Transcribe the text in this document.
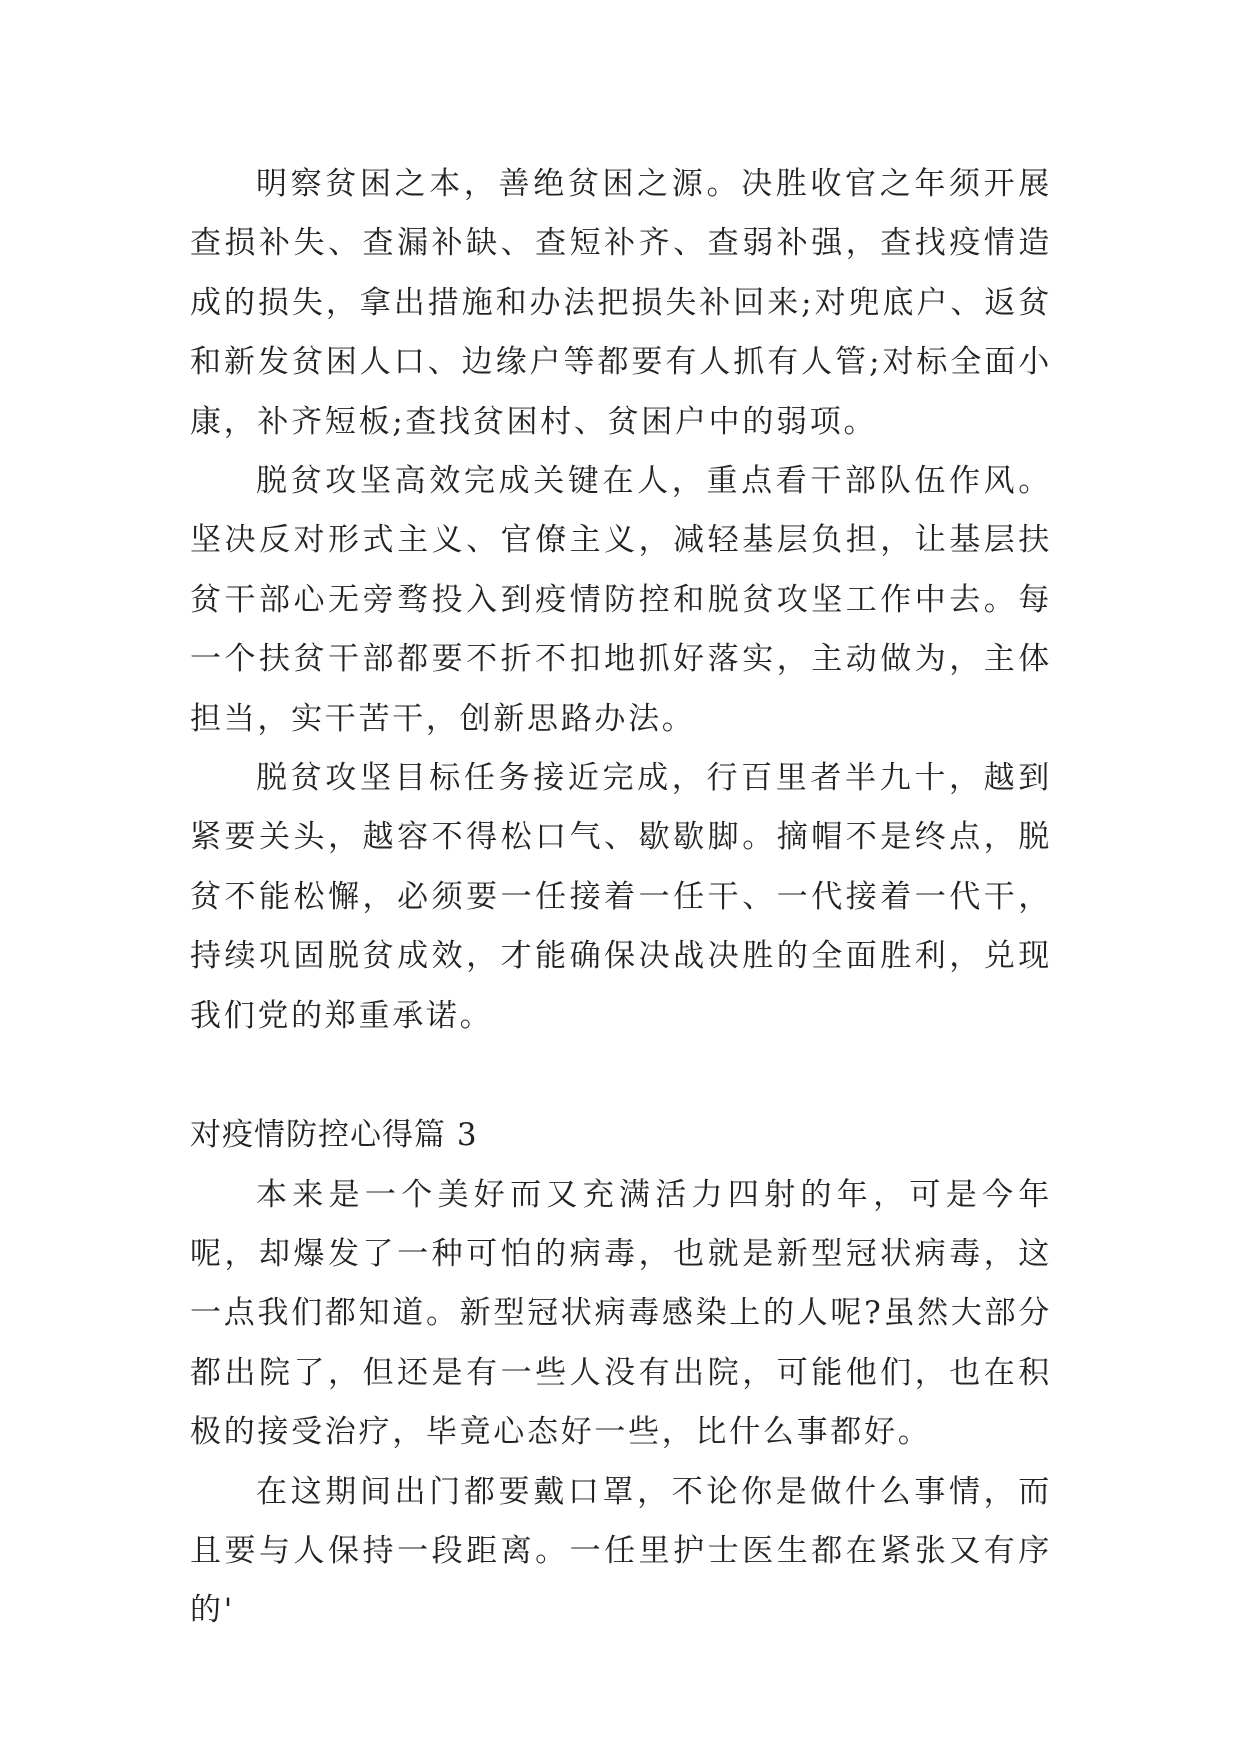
明察贫困之本，善绝贫困之源。决胜收官之年须开展查损补失、查漏补缺、查短补齐、查弱补强，查找疫情造成的损失，拿出措施和办法把损失补回来;对兜底户、返贫和新发贫困人口、边缘户等都要有人抓有人管;对标全面小康，补齐短板;查找贫困村、贫困户中的弱项。

脱贫攻坚高效完成关键在人，重点看干部队伍作风。坚决反对形式主义、官僚主义，减轻基层负担，让基层扶贫干部心无旁骛投入到疫情防控和脱贫攻坚工作中去。每一个扶贫干部都要不折不扣地抓好落实，主动做为，主体担当，实干苦干，创新思路办法。

脱贫攻坚目标任务接近完成，行百里者半九十，越到紧要关头，越容不得松口气、歇歇脚。摘帽不是终点，脱贫不能松懈，必须要一任接着一任干、一代接着一代干，持续巩固脱贫成效，才能确保决战决胜的全面胜利，兑现我们党的郑重承诺。

对疫情防控心得篇 3

本来是一个美好而又充满活力四射的年，可是今年呢，却爆发了一种可怕的病毒，也就是新型冠状病毒，这一点我们都知道。新型冠状病毒感染上的人呢?虽然大部分都出院了，但还是有一些人没有出院，可能他们，也在积极的接受治疗，毕竟心态好一些，比什么事都好。

在这期间出门都要戴口罩，不论你是做什么事情，而且要与人保持一段距离。一任里护士医生都在紧张又有序的'
